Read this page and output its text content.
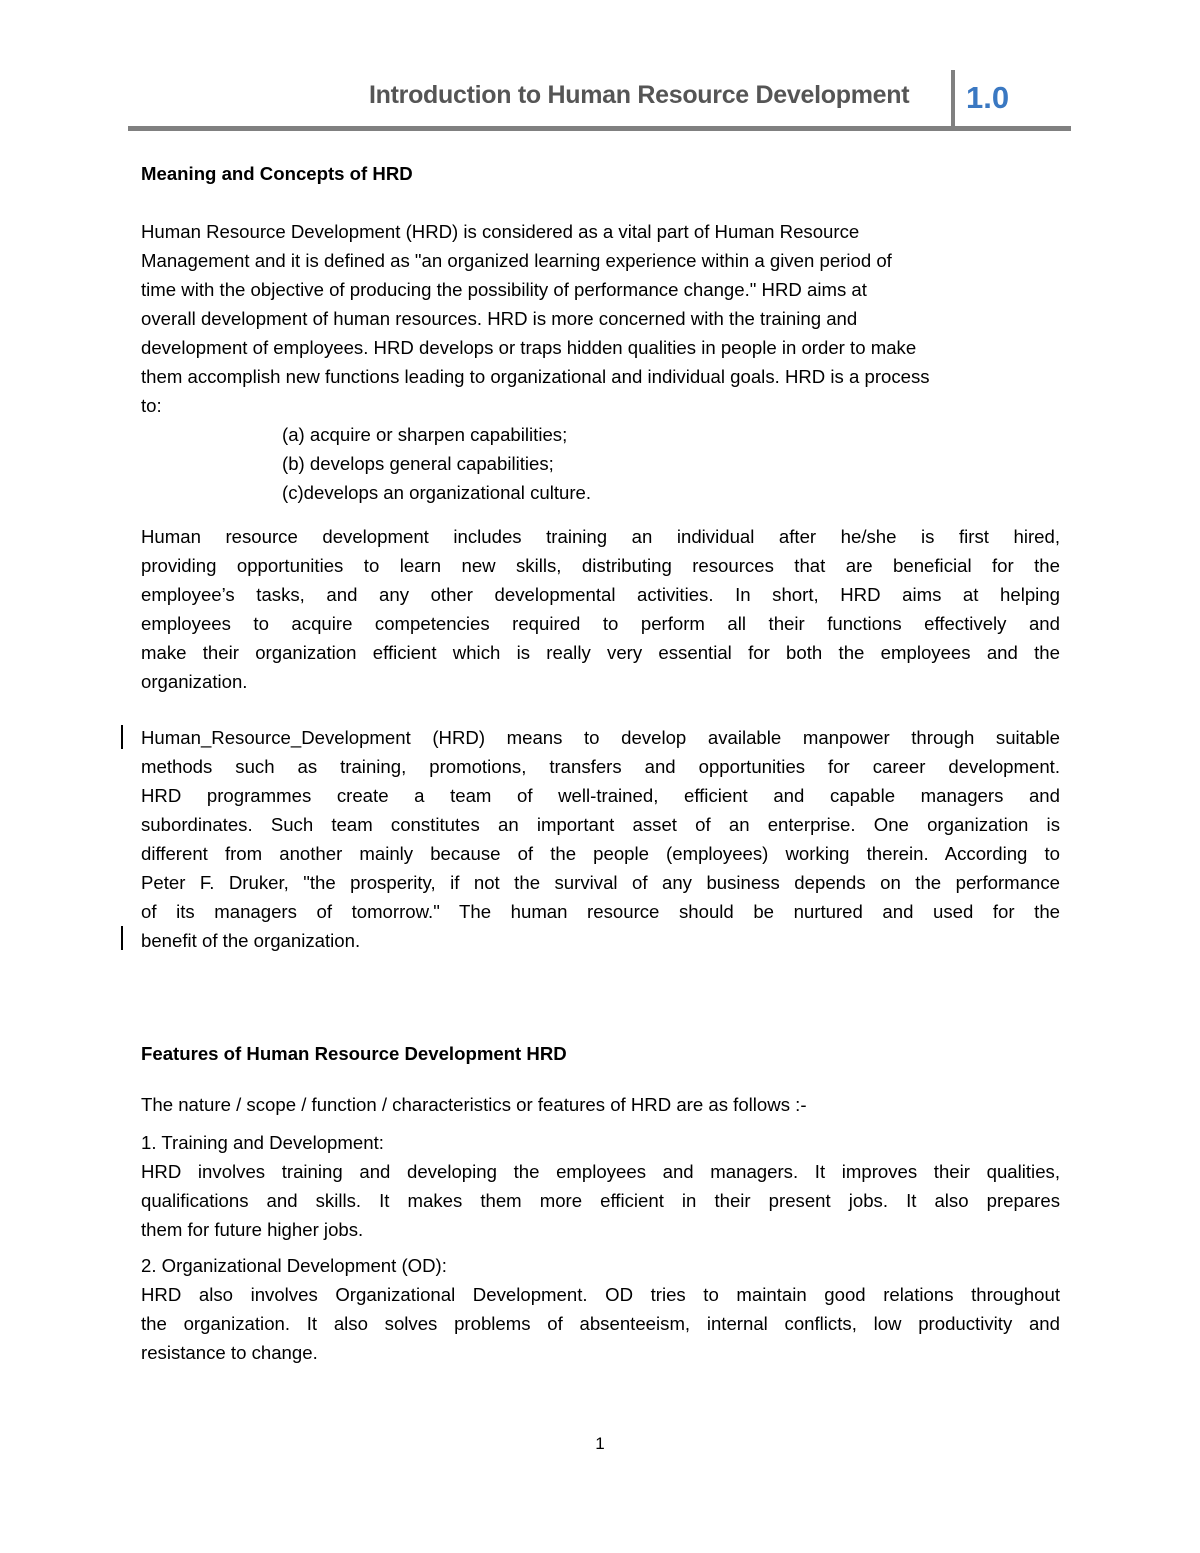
Introduction to Human Resource Development 1.0
Meaning and Concepts of HRD
Human Resource Development (HRD) is considered as a vital part of Human Resource
Management and it is defined as "an organized learning experience within a given period of
time with the objective of producing the possibility of performance change." HRD aims at
overall development of human resources. HRD is more concerned with the training and
development of employees. HRD develops or traps hidden qualities in people in order to make
them accomplish new functions leading to organizational and individual goals. HRD is a process
to:
(a) acquire or sharpen capabilities;
(b) develops general capabilities;
(c)develops an organizational culture.
Human resource development includes training an individual after he/she is first hired,
providing opportunities to learn new skills, distributing resources that are beneficial for the
employee’s tasks, and any other developmental activities. In short, HRD aims at helping
employees to acquire competencies required to perform all their functions effectively and
make their organization efficient which is really very essential for both the employees and the
organization.
Human_Resource_Development (HRD) means to develop available manpower through suitable
methods such as training, promotions, transfers and opportunities for career development.
HRD programmes create a team of well-trained, efficient and capable managers and
subordinates. Such team constitutes an important asset of an enterprise. One organization is
different from another mainly because of the people (employees) working therein. According to
Peter F. Druker, "the prosperity, if not the survival of any business depends on the performance
of its managers of tomorrow." The human resource should be nurtured and used for the
benefit of the organization.
Features of Human Resource Development HRD
The nature / scope / function / characteristics or features of HRD are as follows :-
1. Training and Development:
HRD involves training and developing the employees and managers. It improves their qualities,
qualifications and skills. It makes them more efficient in their present jobs. It also prepares
them for future higher jobs.
2. Organizational Development (OD):
HRD also involves Organizational Development. OD tries to maintain good relations throughout
the organization. It also solves problems of absenteeism, internal conflicts, low productivity and
resistance to change.
1
